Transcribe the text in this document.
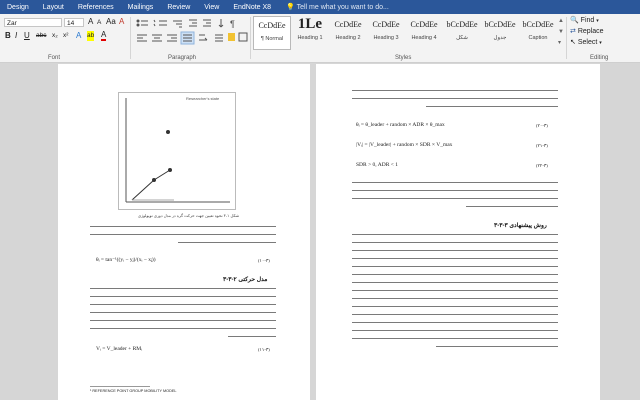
Design	Layout	References	Mailings	Review	View	EndNote X8	💡 Tell me what you want to do...
Zar	14	A A Aa A
B I U abc x₂ x² A ab A
Font
¶
Paragraph
CcDdEe
¶ Normal
1Le
Heading 1
CcDdEe
Heading 2
CcDdEe
Heading 3
CcDdEe
Heading 4
bCcDdEe
شکل
bCcDdEe
جدول
bCcDdEe
Caption
▲
▼
▾
Styles
🔍 Find ▾
⇄ Replace
↖ Select ▾
Editing
Researcher's state
شکل ۱-۳ نحوه تعیین جهت حرکت گره در مدل دوری توپولوژی
θᵢ = tan⁻¹((yᵢ − yⱼ)/(xᵢ − xⱼ))	(۱۰-۳)
۳-۳-۲ مدل حرکتی
Vᵢ = V_leader + RMᵢ	(۱۱-۳)
¹ REFERENCE POINT GROUP MOBILITY MODEL
θᵢ = θ_leader + random × ADR × θ_max	(۲۰-۳)
|Vᵢ| = |V_leader| + random × SDR × V_max	(۲۱-۳)
SDR > 0, ADR < 1	(۲۲-۳)
۳-۳-۳ روش پیشنهادی
